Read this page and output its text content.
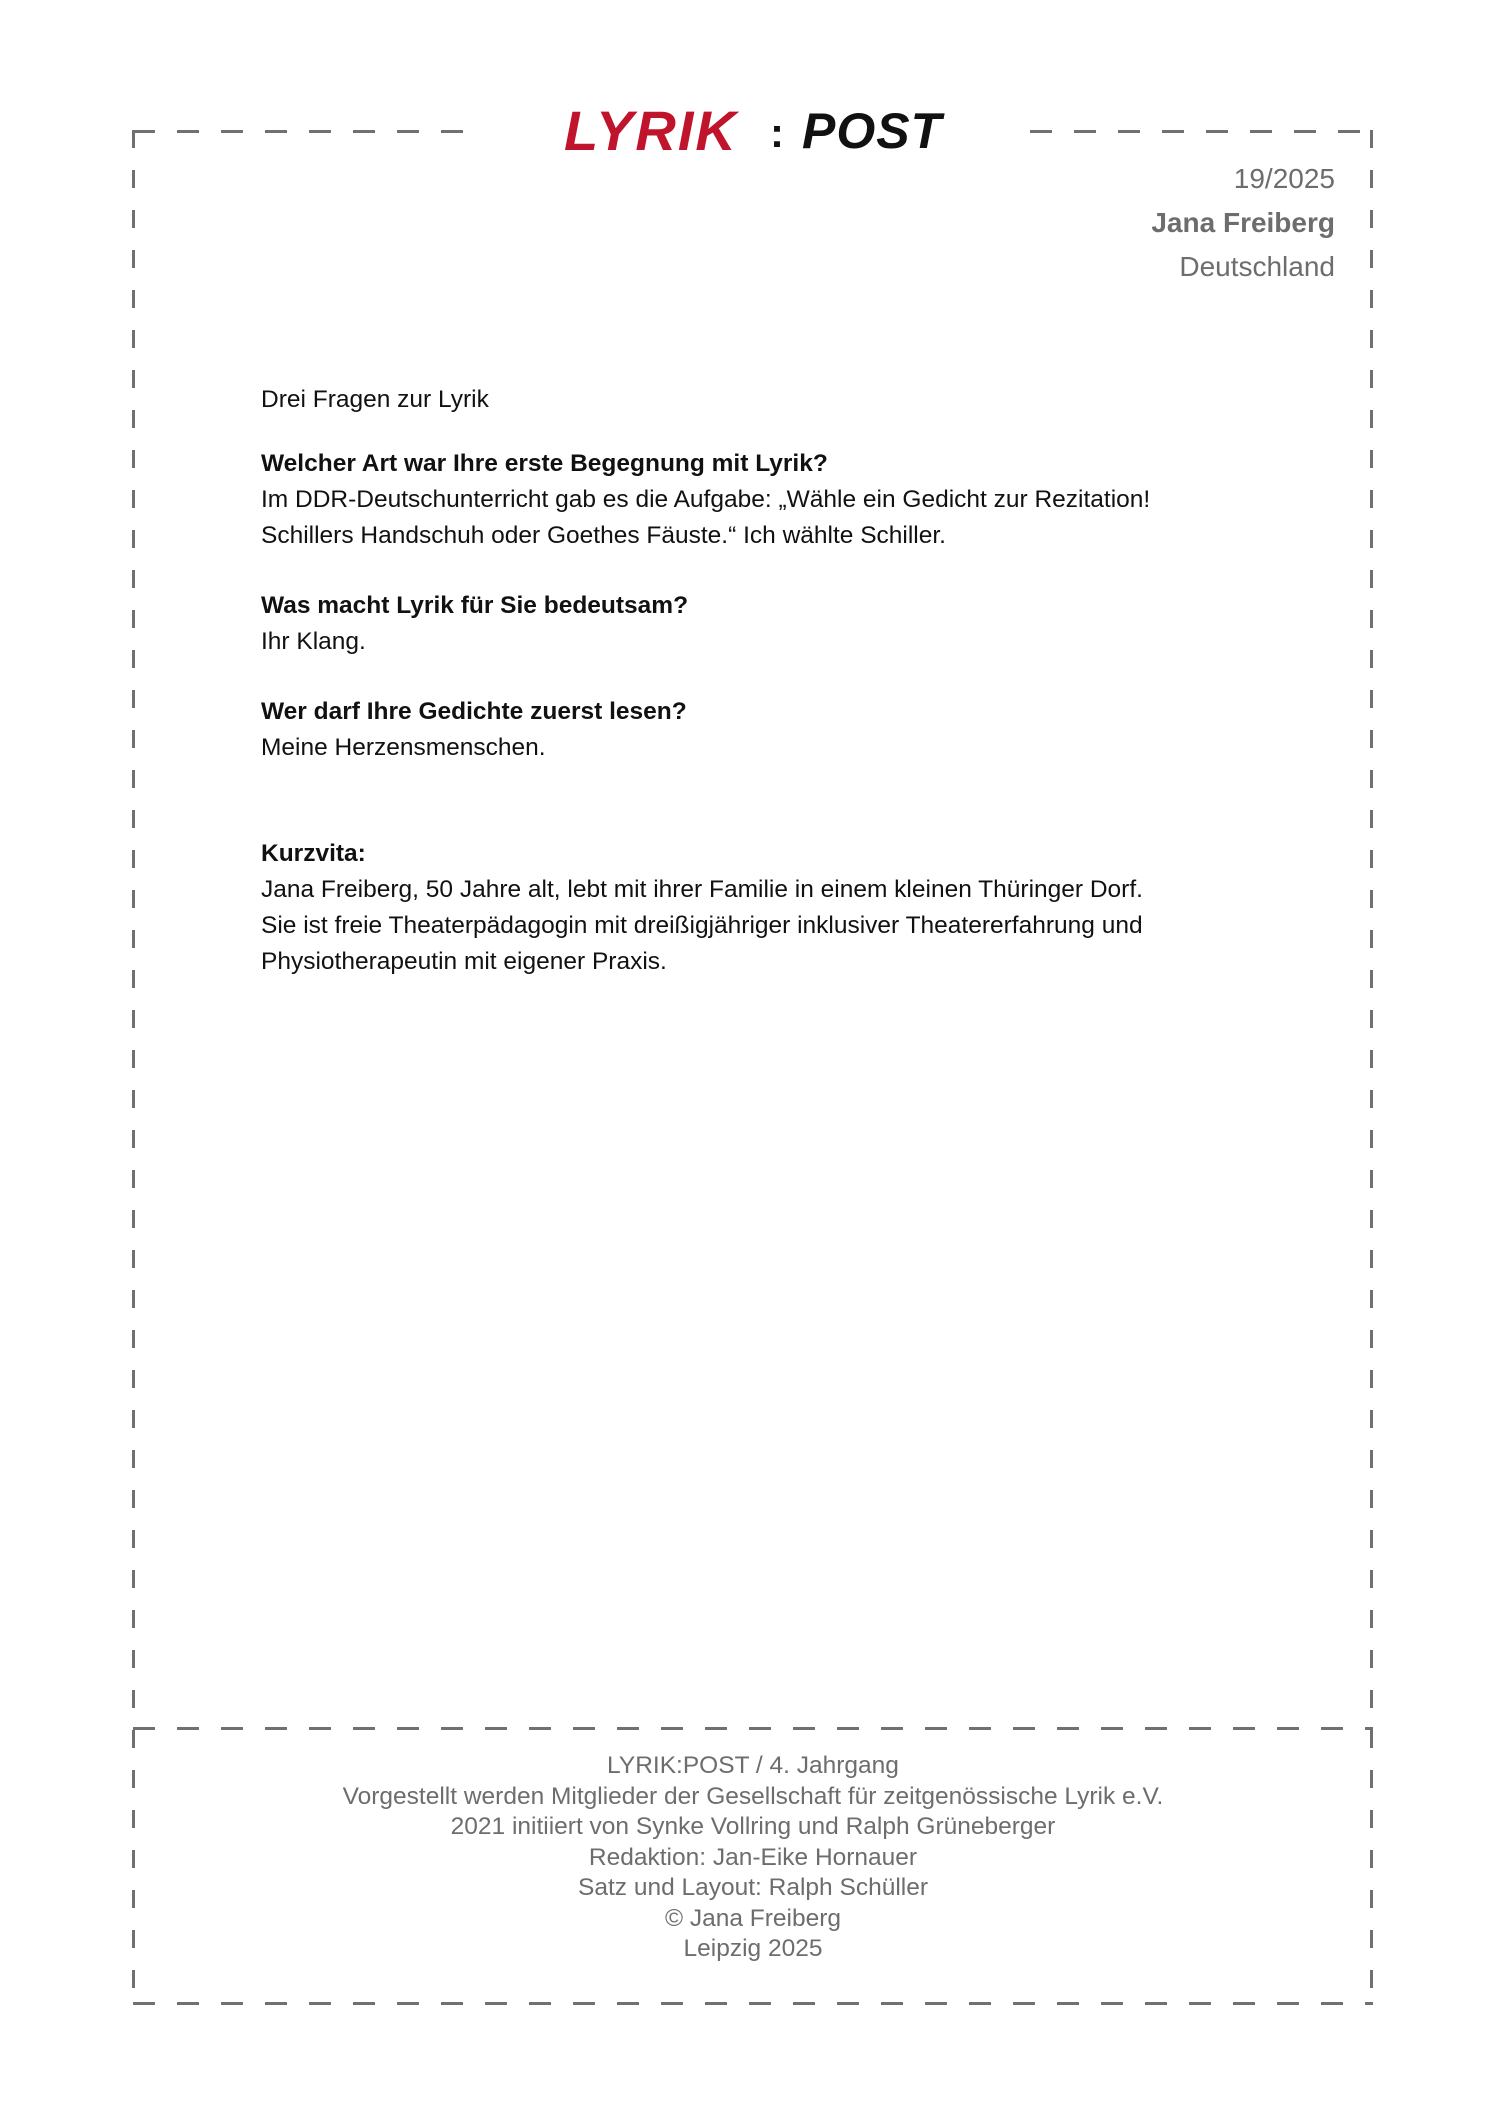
LYRIK : POST
19/2025
Jana Freiberg
Deutschland

Drei Fragen zur Lyrik

Welcher Art war Ihre erste Begegnung mit Lyrik?

Im DDR-Deutschunterricht gab es die Aufgabe: „Wähle ein Gedicht zur Rezitation!

Schillers Handschuh oder Goethes Fäuste.“ Ich wählte Schiller.

Was macht Lyrik für Sie bedeutsam?

Ihr Klang.

Wer darf Ihre Gedichte zuerst lesen?

Meine Herzensmenschen.

Kurzvita:

Jana Freiberg, 50 Jahre alt, lebt mit ihrer Familie in einem kleinen Thüringer Dorf.

Sie ist freie Theaterpädagogin mit dreißigjähriger inklusiver Theatererfahrung und

Physiotherapeutin mit eigener Praxis.

LYRIK:POST / 4. Jahrgang
Vorgestellt werden Mitglieder der Gesellschaft für zeitgenössische Lyrik e.V.
2021 initiiert von Synke Vollring und Ralph Grüneberger
Redaktion: Jan-Eike Hornauer
Satz und Layout: Ralph Schüller
© Jana Freiberg
Leipzig 2025
